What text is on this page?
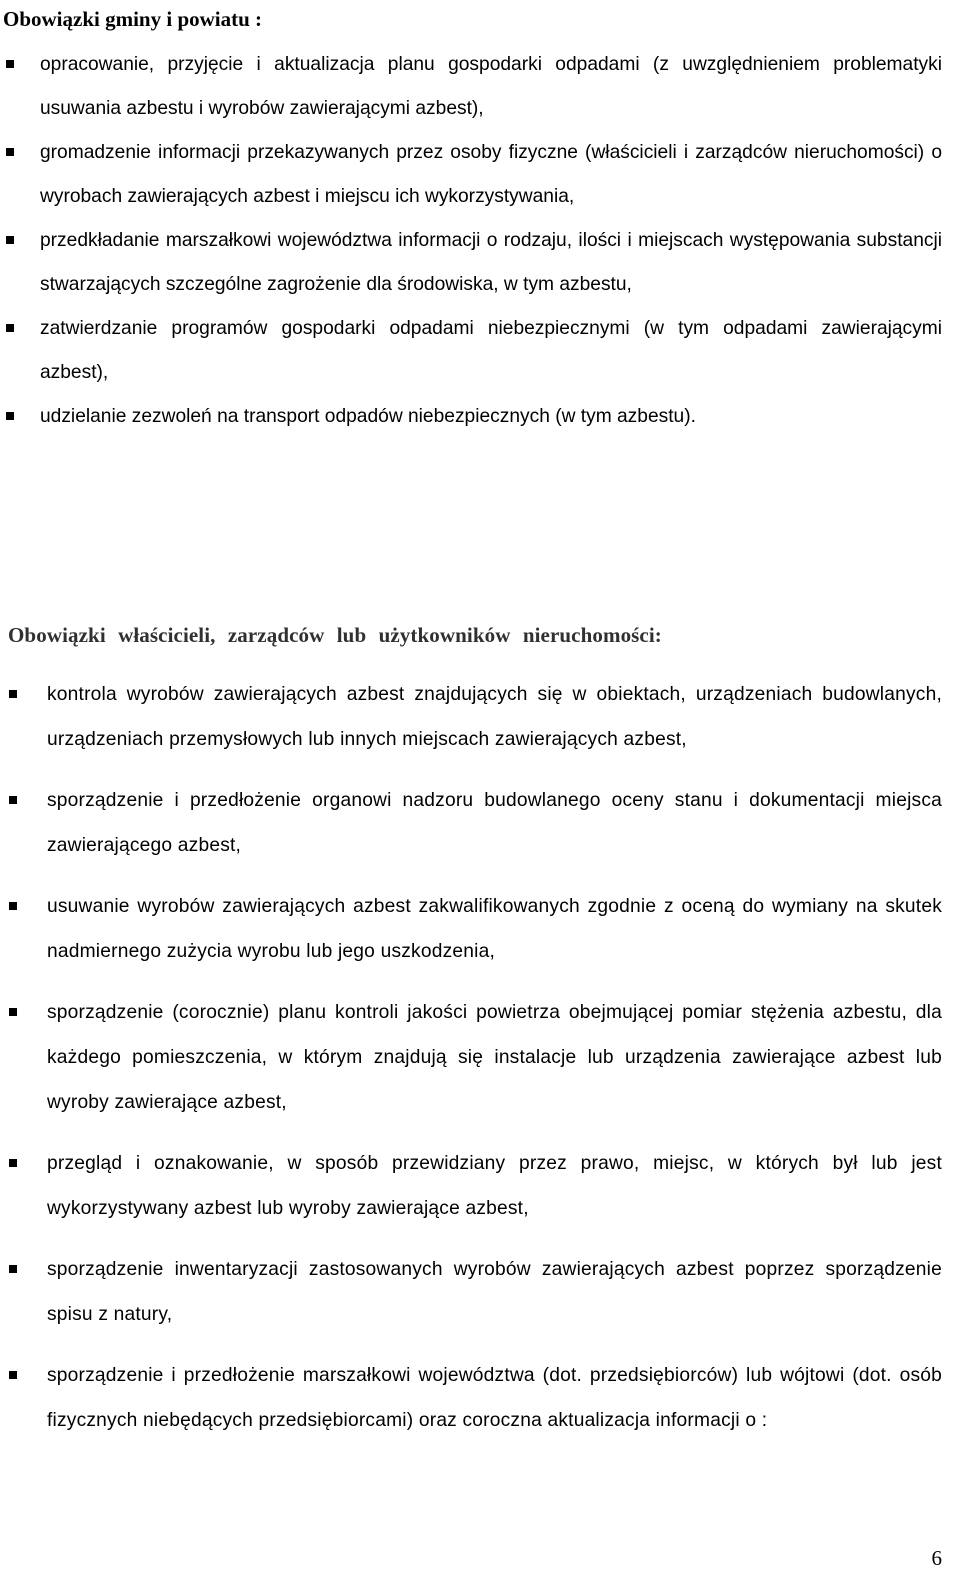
Obowiązki gminy i powiatu :
opracowanie, przyjęcie i aktualizacja planu gospodarki odpadami (z uwzględnieniem problematyki usuwania azbestu i wyrobów zawierającymi azbest),
gromadzenie informacji przekazywanych przez osoby fizyczne (właścicieli i zarządców nieruchomości) o wyrobach zawierających azbest i miejscu ich wykorzystywania,
przedkładanie marszałkowi województwa informacji o rodzaju, ilości i miejscach występowania substancji stwarzających szczególne zagrożenie dla środowiska, w tym azbestu,
zatwierdzanie programów gospodarki odpadami niebezpiecznymi (w tym odpadami zawierającymi azbest),
udzielanie zezwoleń na transport odpadów niebezpiecznych (w tym azbestu).
Obowiązki właścicieli, zarządców lub użytkowników nieruchomości:
kontrola wyrobów zawierających azbest znajdujących się w obiektach, urządzeniach budowlanych, urządzeniach przemysłowych lub innych miejscach zawierających azbest,
sporządzenie i przedłożenie organowi nadzoru budowlanego oceny stanu i dokumentacji miejsca zawierającego azbest,
usuwanie wyrobów zawierających azbest zakwalifikowanych zgodnie z oceną do wymiany na skutek nadmiernego zużycia wyrobu lub jego uszkodzenia,
sporządzenie (corocznie) planu kontroli jakości powietrza obejmującej pomiar stężenia azbestu, dla każdego pomieszczenia, w którym znajdują się instalacje lub urządzenia zawierające azbest lub wyroby zawierające azbest,
przegląd i oznakowanie, w sposób przewidziany przez prawo, miejsc, w których był lub jest wykorzystywany azbest lub wyroby zawierające azbest,
sporządzenie inwentaryzacji zastosowanych wyrobów zawierających azbest poprzez sporządzenie spisu z natury,
sporządzenie i przedłożenie marszałkowi województwa (dot. przedsiębiorców) lub wójtowi (dot. osób fizycznych niebędących przedsiębiorcami) oraz coroczna aktualizacja informacji o :
6
